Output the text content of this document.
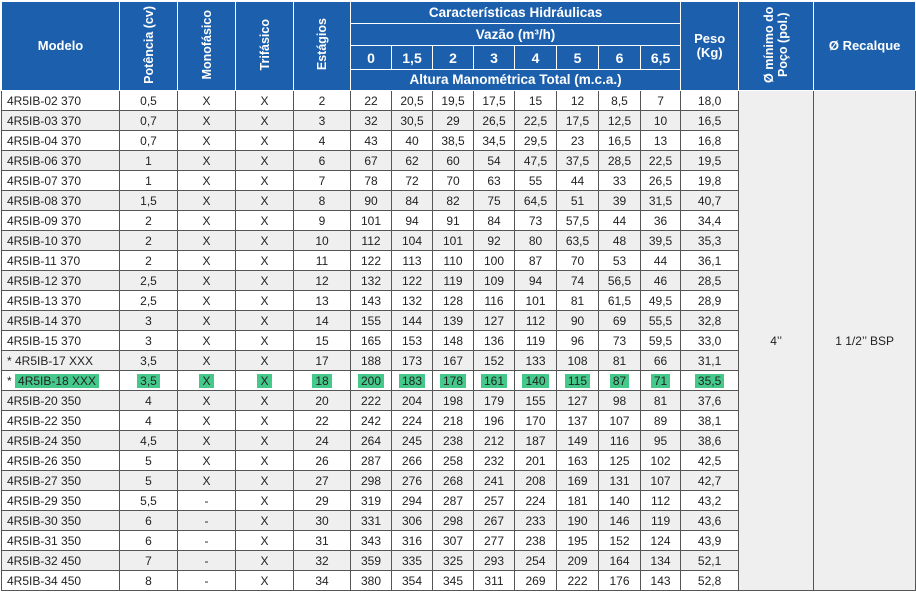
Modelo	Potência (cv)	Monofásico	Trifásico	Estágios	Características Hidráulicas								Peso (Kg)	Ø mínimo do Poço (pol.)	Ø Recalque
					Vazão (m³/h)										
					0	1,5	2	3	4	5	6	6,5			
					Altura Manométrica Total (m.c.a.)										
4R5IB-02 370	0,5	X	X	2	22	20,5	19,5	17,5	15	12	8,5	7	18,0	4’’	1 1/2’’ BSP
4R5IB-03 370	0,7	X	X	3	32	30,5	29	26,5	22,5	17,5	12,5	10	16,5		
4R5IB-04 370	0,7	X	X	4	43	40	38,5	34,5	29,5	23	16,5	13	16,8		
4R5IB-06 370	1	X	X	6	67	62	60	54	47,5	37,5	28,5	22,5	19,5		
4R5IB-07 370	1	X	X	7	78	72	70	63	55	44	33	26,5	19,8		
4R5IB-08 370	1,5	X	X	8	90	84	82	75	64,5	51	39	31,5	40,7		
4R5IB-09 370	2	X	X	9	101	94	91	84	73	57,5	44	36	34,4		
4R5IB-10 370	2	X	X	10	112	104	101	92	80	63,5	48	39,5	35,3		
4R5IB-11 370	2	X	X	11	122	113	110	100	87	70	53	44	36,1		
4R5IB-12 370	2,5	X	X	12	132	122	119	109	94	74	56,5	46	28,5		
4R5IB-13 370	2,5	X	X	13	143	132	128	116	101	81	61,5	49,5	28,9		
4R5IB-14 370	3	X	X	14	155	144	139	127	112	90	69	55,5	32,8		
4R5IB-15 370	3	X	X	15	165	153	148	136	119	96	73	59,5	33,0		
* 4R5IB-17 XXX	3,5	X	X	17	188	173	167	152	133	108	81	66	31,1		
* 4R5IB-18 XXX	3,5	X	X	18	200	183	178	161	140	115	87	71	35,5		
4R5IB-20 350	4	X	X	20	222	204	198	179	155	127	98	81	37,6		
4R5IB-22 350	4	X	X	22	242	224	218	196	170	137	107	89	38,1		
4R5IB-24 350	4,5	X	X	24	264	245	238	212	187	149	116	95	38,6		
4R5IB-26 350	5	X	X	26	287	266	258	232	201	163	125	102	42,5		
4R5IB-27 350	5	X	X	27	298	276	268	241	208	169	131	107	42,7		
4R5IB-29 350	5,5	-	X	29	319	294	287	257	224	181	140	112	43,2		
4R5IB-30 350	6	-	X	30	331	306	298	267	233	190	146	119	43,6		
4R5IB-31 350	6	-	X	31	343	316	307	277	238	195	152	124	43,9		
4R5IB-32 450	7	-	X	32	359	335	325	293	254	209	164	134	52,1		
4R5IB-34 450	8	-	X	34	380	354	345	311	269	222	176	143	52,8		
